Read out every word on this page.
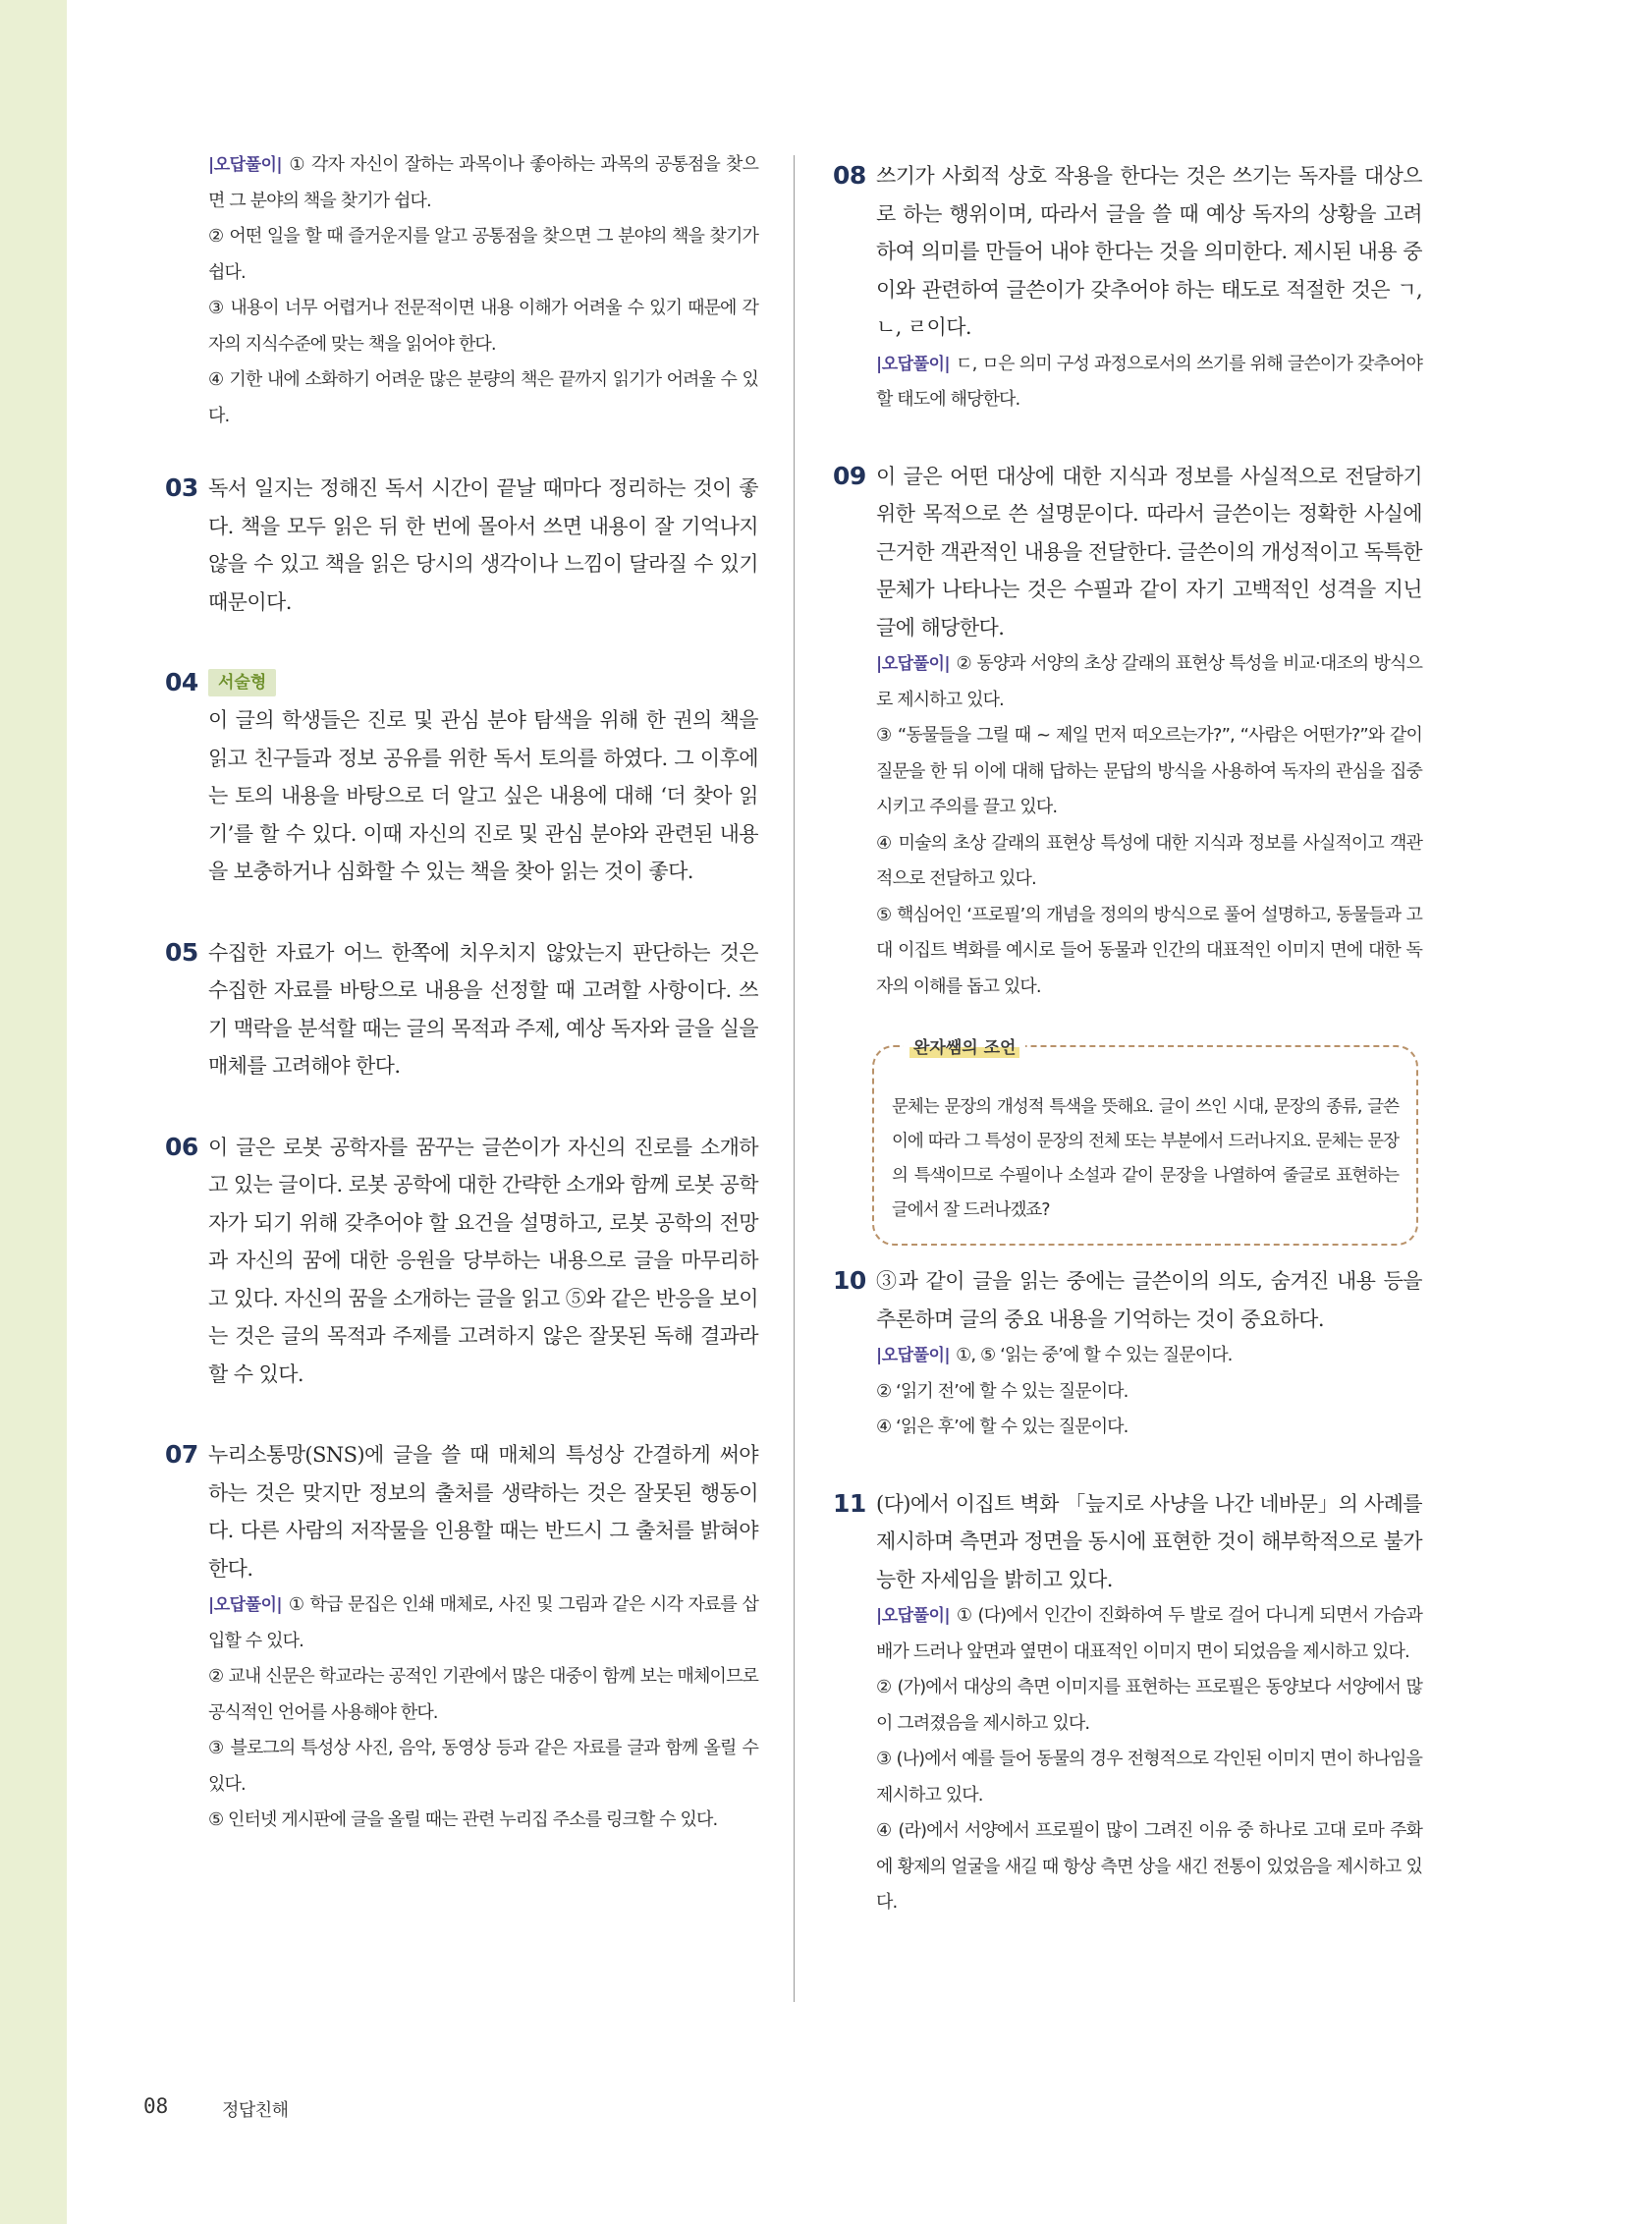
|오답풀이| ① 각자 자신이 잘하는 과목이나 좋아하는 과목의 공통점을 찾으면 그 분야의 책을 찾기가 쉽다.

② 어떤 일을 할 때 즐거운지를 알고 공통점을 찾으면 그 분야의 책을 찾기가 쉽다.

③ 내용이 너무 어렵거나 전문적이면 내용 이해가 어려울 수 있기 때문에 각자의 지식수준에 맞는 책을 읽어야 한다.

④ 기한 내에 소화하기 어려운 많은 분량의 책은 끝까지 읽기가 어려울 수 있다.

03 독서 일지는 정해진 독서 시간이 끝날 때마다 정리하는 것이 좋다. 책을 모두 읽은 뒤 한 번에 몰아서 쓰면 내용이 잘 기억나지 않을 수 있고 책을 읽은 당시의 생각이나 느낌이 달라질 수 있기 때문이다.

04	서술형

이 글의 학생들은 진로 및 관심 분야 탐색을 위해 한 권의 책을 읽고 친구들과 정보 공유를 위한 독서 토의를 하였다. 그 이후에는 토의 내용을 바탕으로 더 알고 싶은 내용에 대해 ‘더 찾아 읽기’를 할 수 있다. 이때 자신의 진로 및 관심 분야와 관련된 내용을 보충하거나 심화할 수 있는 책을 찾아 읽는 것이 좋다.

05 수집한 자료가 어느 한쪽에 치우치지 않았는지 판단하는 것은 수집한 자료를 바탕으로 내용을 선정할 때 고려할 사항이다. 쓰기 맥락을 분석할 때는 글의 목적과 주제, 예상 독자와 글을 실을 매체를 고려해야 한다.

06 이 글은 로봇 공학자를 꿈꾸는 글쓴이가 자신의 진로를 소개하고 있는 글이다. 로봇 공학에 대한 간략한 소개와 함께 로봇 공학자가 되기 위해 갖추어야 할 요건을 설명하고, 로봇 공학의 전망과 자신의 꿈에 대한 응원을 당부하는 내용으로 글을 마무리하고 있다. 자신의 꿈을 소개하는 글을 읽고 ⑤와 같은 반응을 보이는 것은 글의 목적과 주제를 고려하지 않은 잘못된 독해 결과라 할 수 있다.

07 누리소통망(SNS)에 글을 쓸 때 매체의 특성상 간결하게 써야 하는 것은 맞지만 정보의 출처를 생략하는 것은 잘못된 행동이다. 다른 사람의 저작물을 인용할 때는 반드시 그 출처를 밝혀야 한다.

|오답풀이| ① 학급 문집은 인쇄 매체로, 사진 및 그림과 같은 시각 자료를 삽입할 수 있다.

② 교내 신문은 학교라는 공적인 기관에서 많은 대중이 함께 보는 매체이므로 공식적인 언어를 사용해야 한다.

③ 블로그의 특성상 사진, 음악, 동영상 등과 같은 자료를 글과 함께 올릴 수 있다.

⑤ 인터넷 게시판에 글을 올릴 때는 관련 누리집 주소를 링크할 수 있다.

08 쓰기가 사회적 상호 작용을 한다는 것은 쓰기는 독자를 대상으로 하는 행위이며, 따라서 글을 쓸 때 예상 독자의 상황을 고려하여 의미를 만들어 내야 한다는 것을 의미한다. 제시된 내용 중 이와 관련하여 글쓴이가 갖추어야 하는 태도로 적절한 것은 ㄱ, ㄴ, ㄹ이다.

|오답풀이| ㄷ, ㅁ은 의미 구성 과정으로서의 쓰기를 위해 글쓴이가 갖추어야 할 태도에 해당한다.

09 이 글은 어떤 대상에 대한 지식과 정보를 사실적으로 전달하기 위한 목적으로 쓴 설명문이다. 따라서 글쓴이는 정확한 사실에 근거한 객관적인 내용을 전달한다. 글쓴이의 개성적이고 독특한 문체가 나타나는 것은 수필과 같이 자기 고백적인 성격을 지닌 글에 해당한다.

|오답풀이| ② 동양과 서양의 초상 갈래의 표현상 특성을 비교·대조의 방식으로 제시하고 있다.

③ “동물들을 그릴 때 ~ 제일 먼저 떠오르는가?”, “사람은 어떤가?”와 같이 질문을 한 뒤 이에 대해 답하는 문답의 방식을 사용하여 독자의 관심을 집중시키고 주의를 끌고 있다.

④ 미술의 초상 갈래의 표현상 특성에 대한 지식과 정보를 사실적이고 객관적으로 전달하고 있다.

⑤ 핵심어인 ‘프로필’의 개념을 정의의 방식으로 풀어 설명하고, 동물들과 고대 이집트 벽화를 예시로 들어 동물과 인간의 대표적인 이미지 면에 대한 독자의 이해를 돕고 있다.

10 ③과 같이 글을 읽는 중에는 글쓴이의 의도, 숨겨진 내용 등을 추론하며 글의 중요 내용을 기억하는 것이 중요하다.

|오답풀이| ①, ⑤ ‘읽는 중’에 할 수 있는 질문이다.

② ‘읽기 전’에 할 수 있는 질문이다.

④ ‘읽은 후’에 할 수 있는 질문이다.

11 (다)에서 이집트 벽화 「늪지로 사냥을 나간 네바문」의 사례를 제시하며 측면과 정면을 동시에 표현한 것이 해부학적으로 불가능한 자세임을 밝히고 있다.

|오답풀이| ① (다)에서 인간이 진화하여 두 발로 걸어 다니게 되면서 가슴과 배가 드러나 앞면과 옆면이 대표적인 이미지 면이 되었음을 제시하고 있다.

② (가)에서 대상의 측면 이미지를 표현하는 프로필은 동양보다 서양에서 많이 그려졌음을 제시하고 있다.

③ (나)에서 예를 들어 동물의 경우 전형적으로 각인된 이미지 면이 하나임을 제시하고 있다.

④ (라)에서 서양에서 프로필이 많이 그려진 이유 중 하나로 고대 로마 주화에 황제의 얼굴을 새길 때 항상 측면 상을 새긴 전통이 있었음을 제시하고 있다.

완자쌤의 조언

문체는 문장의 개성적 특색을 뜻해요. 글이 쓰인 시대, 문장의 종류, 글쓴이에 따라 그 특성이 문장의 전체 또는 부분에서 드러나지요. 문체는 문장의 특색이므로 수필이나 소설과 같이 문장을 나열하여 줄글로 표현하는 글에서 잘 드러나겠죠?

08	정답친해
